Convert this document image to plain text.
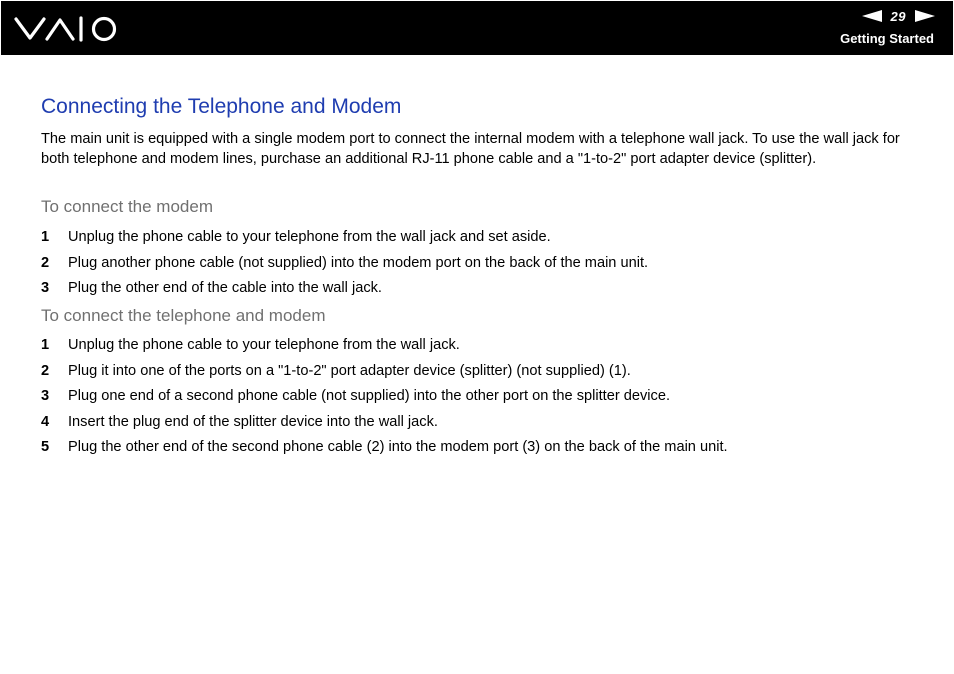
29
Getting Started
Connecting the Telephone and Modem

The main unit is equipped with a single modem port to connect the internal modem with a telephone wall jack. To use the wall jack for both telephone and modem lines, purchase an additional RJ-11 phone cable and a "1-to-2" port adapter device (splitter).

To connect the modem
1	Unplug the phone cable to your telephone from the wall jack and set aside.
2	Plug another phone cable (not supplied) into the modem port on the back of the main unit.
3	Plug the other end of the cable into the wall jack.
To connect the telephone and modem
1	Unplug the phone cable to your telephone from the wall jack.
2	Plug it into one of the ports on a "1-to-2" port adapter device (splitter) (not supplied) (1).
3	Plug one end of a second phone cable (not supplied) into the other port on the splitter device.
4	Insert the plug end of the splitter device into the wall jack.
5	Plug the other end of the second phone cable (2) into the modem port (3) on the back of the main unit.
